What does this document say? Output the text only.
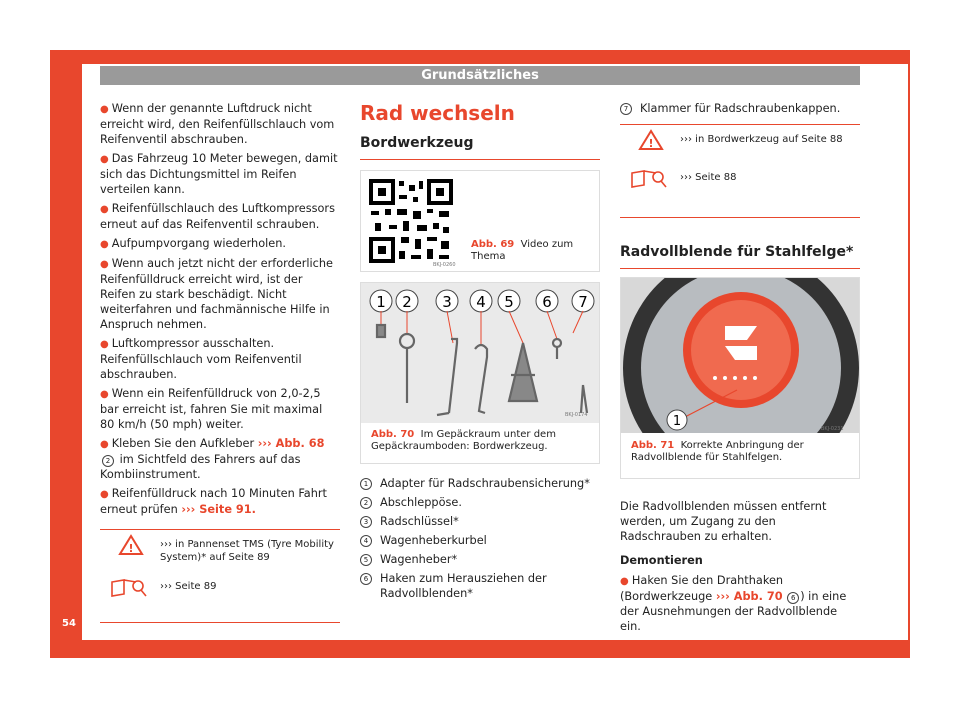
Grundsätzliches
54
● Wenn der genannte Luftdruck nicht erreicht wird, den Reifenfüllschlauch vom Reifenventil abschrauben.
● Das Fahrzeug 10 Meter bewegen, damit sich das Dichtungsmittel im Reifen verteilen kann.
● Reifenfüllschlauch des Luftkompressors erneut auf das Reifenventil schrauben.
● Aufpumpvorgang wiederholen.
● Wenn auch jetzt nicht der erforderliche Reifenfülldruck erreicht wird, ist der Reifen zu stark beschädigt. Nicht weiterfahren und fachmännische Hilfe in Anspruch nehmen.
● Luftkompressor ausschalten. Reifenfüllschlauch vom Reifenventil abschrauben.
● Wenn ein Reifenfülldruck von 2,0-2,5 bar erreicht ist, fahren Sie mit maximal 80 km/h (50 mph) weiter.
● Kleben Sie den Aufkleber ››› Abb. 68 2 im Sichtfeld des Fahrers auf das Kombiinstrument.
● Reifenfülldruck nach 10 Minuten Fahrt erneut prüfen ››› Seite 91.
!	››› in Pannenset TMS (Tyre Mobility System)* auf Seite 89
››› Seite 89
Rad wechseln
Bordwerkzeug
BKJ-0260
Abb. 69 Video zum Thema
1 2 3 4 5 6 7
BKJ-0174
Abb. 70 Im Gepäckraum unter dem Gepäckraumboden: Bordwerkzeug.
1	Adapter für Radschraubensicherung*
2	Abschleppöse.
3	Radschlüssel*
4	Wagenheberkurbel
5	Wagenheber*
6	Haken zum Herausziehen der Radvollblenden*
7	Klammer für Radschraubenkappen.
!	››› in Bordwerkzeug auf Seite 88
››› Seite 88
Radvollblende für Stahlfelge*
1	BKJ-0231
Abb. 71 Korrekte Anbringung der Radvollblende für Stahlfelgen.

Die Radvollblenden müssen entfernt werden, um Zugang zu den Radschrauben zu erhalten.

Demontieren

● Haken Sie den Drahthaken (Bordwerkzeuge ››› Abb. 70 6 ) in eine der Ausnehmungen der Radvollblende ein.
